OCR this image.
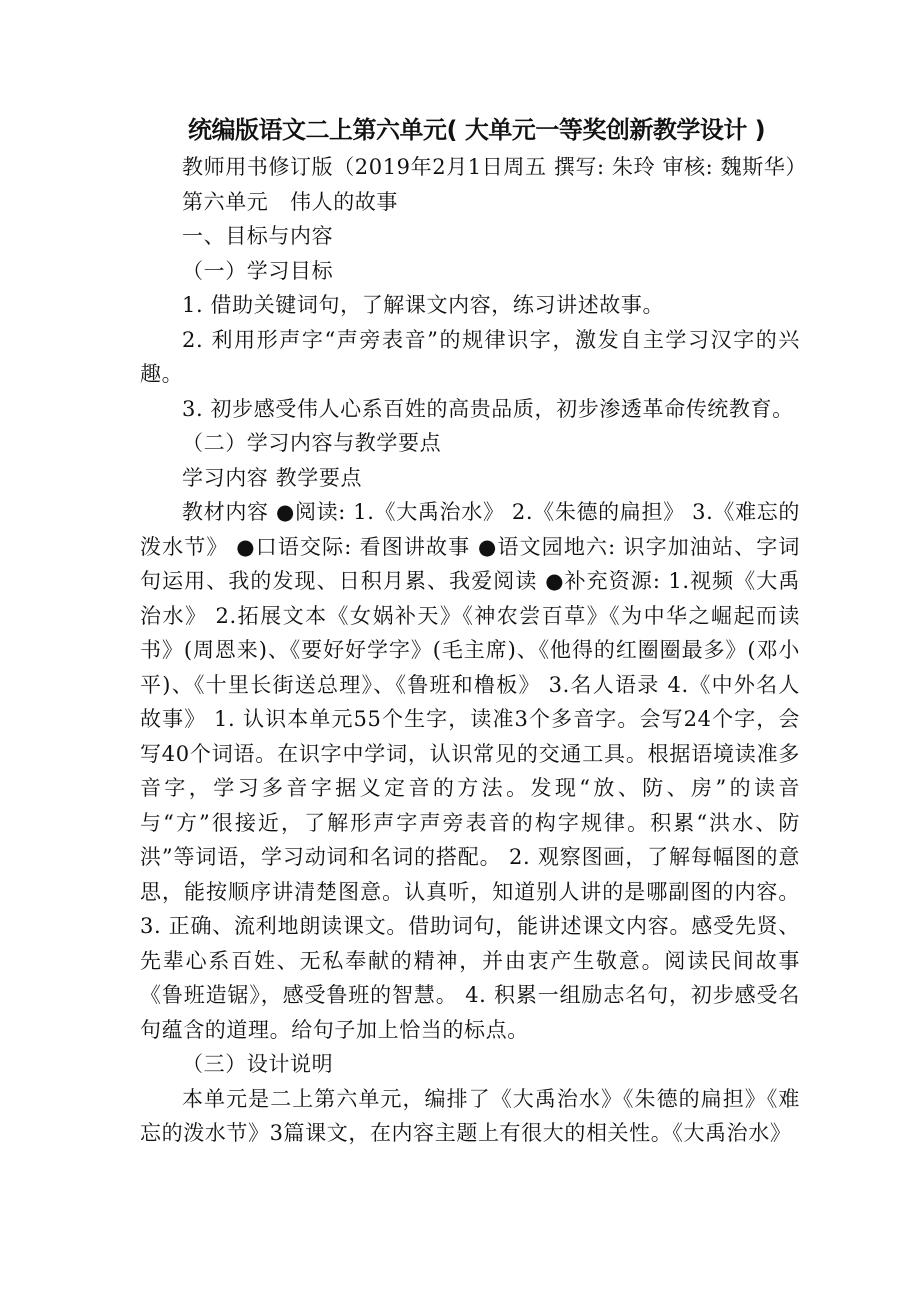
统编版语文二上第六单元( 大单元一等奖创新教学设计 )

教师用书修订版（2019年2月1日周五 撰写: 朱玲 审核: 魏斯华）

第六单元　伟人的故事

一、目标与内容

（一）学习目标

1. 借助关键词句，了解课文内容，练习讲述故事。

2. 利用形声字“声旁表音”的规律识字，激发自主学习汉字的兴趣。

3. 初步感受伟人心系百姓的高贵品质，初步渗透革命传统教育。

（二）学习内容与教学要点

学习内容 教学要点

教材内容 ●阅读: 1.《大禹治水》 2.《朱德的扁担》 3.《难忘的泼水节》 ●口语交际: 看图讲故事 ●语文园地六: 识字加油站、字词句运用、我的发现、日积月累、我爱阅读 ●补充资源: 1.视频《大禹治水》 2.拓展文本《女娲补天》《神农尝百草》《为中华之崛起而读书》(周恩来)、《要好好学字》(毛主席)、《他得的红圈圈最多》(邓小平)、《十里长街送总理》、《鲁班和橹板》 3.名人语录 4.《中外名人故事》 1. 认识本单元55个生字，读准3个多音字。会写24个字，会写40个词语。在识字中学词，认识常见的交通工具。根据语境读准多音字，学习多音字据义定音的方法。发现“放、防、房”的读音与“方”很接近，了解形声字声旁表音的构字规律。积累“洪水、防洪”等词语，学习动词和名词的搭配。 2. 观察图画，了解每幅图的意思，能按顺序讲清楚图意。认真听，知道别人讲的是哪副图的内容。 3. 正确、流利地朗读课文。借助词句，能讲述课文内容。感受先贤、先辈心系百姓、无私奉献的精神，并由衷产生敬意。阅读民间故事《鲁班造锯》，感受鲁班的智慧。 4. 积累一组励志名句，初步感受名句蕴含的道理。给句子加上恰当的标点。

（三）设计说明

本单元是二上第六单元，编排了《大禹治水》《朱德的扁担》《难忘的泼水节》3篇课文，在内容主题上有很大的相关性。《大禹治水》
